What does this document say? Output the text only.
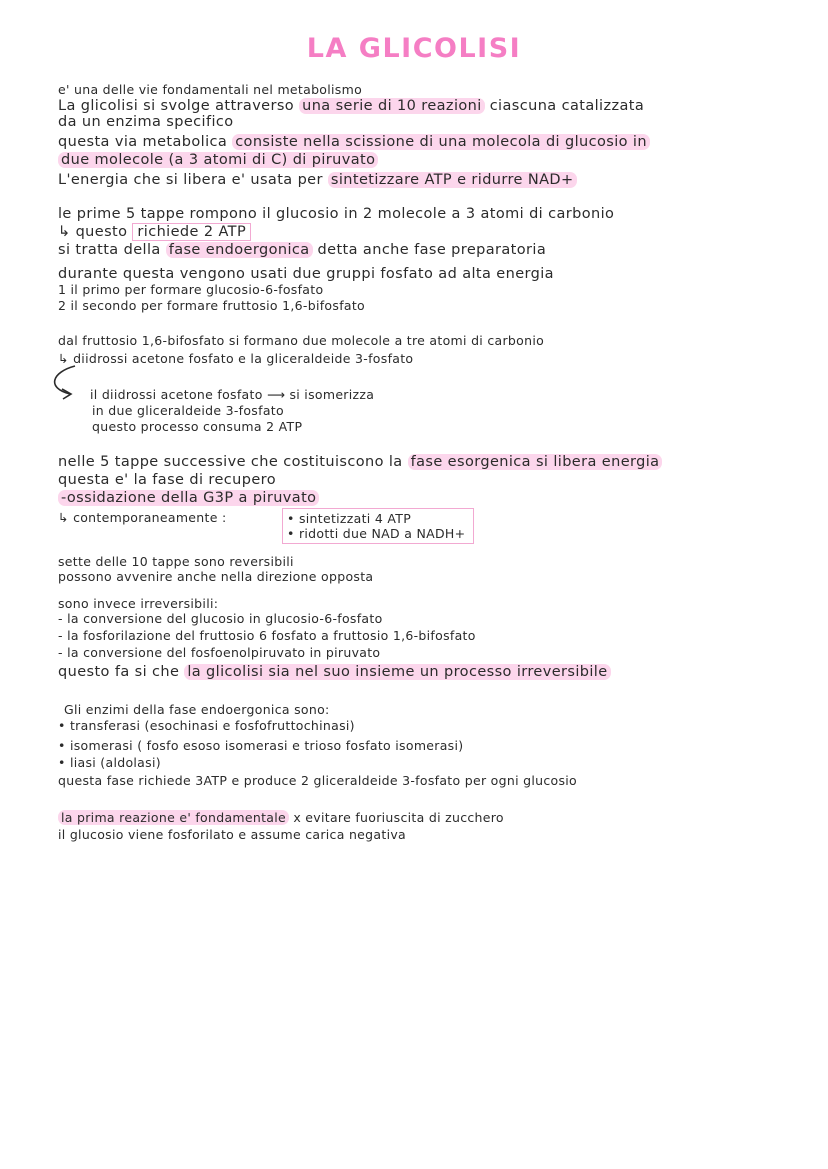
LA GLICOLISI
e' una delle vie fondamentali nel metabolismo
La glicolisi si svolge attraverso una serie di 10 reazioni ciascuna catalizzata
da un enzima specifico
questa via metabolica consiste nella scissione di una molecola di glucosio in
due molecole (a 3 atomi di C) di piruvato
L'energia che si libera e' usata per sintetizzare ATP e ridurre NAD+
le prime 5 tappe rompono il glucosio in 2 molecole a 3 atomi di carbonio
↳ questo richiede 2 ATP
si tratta della fase endoergonica detta anche fase preparatoria
durante questa vengono usati due gruppi fosfato ad alta energia
1 il primo per formare glucosio-6-fosfato
2 il secondo per formare fruttosio 1,6-bifosfato
dal fruttosio 1,6-bifosfato si formano due molecole a tre atomi di carbonio
↳ diidrossi acetone fosfato e la gliceraldeide 3-fosfato
il diidrossi acetone fosfato ⟶ si isomerizza
in due gliceraldeide 3-fosfato
questo processo consuma 2 ATP
nelle 5 tappe successive che costituiscono la fase esorgenica si libera energia
questa e' la fase di recupero
-ossidazione della G3P a piruvato
↳ contemporaneamente :	• sintetizzati 4 ATP
• ridotti due NAD a NADH+
sette delle 10 tappe sono reversibili
possono avvenire anche nella direzione opposta
sono invece irreversibili:
- la conversione del glucosio in glucosio-6-fosfato
- la fosforilazione del fruttosio 6 fosfato a fruttosio 1,6-bifosfato
- la conversione del fosfoenolpiruvato in piruvato
questo fa si che la glicolisi sia nel suo insieme un processo irreversibile
Gli enzimi della fase endoergonica sono:
• transferasi (esochinasi e fosfofruttochinasi)
• isomerasi ( fosfo esoso isomerasi e trioso fosfato isomerasi)
• liasi (aldolasi)
questa fase richiede 3ATP e produce 2 gliceraldeide 3-fosfato per ogni glucosio
la prima reazione e' fondamentale x evitare fuoriuscita di zucchero
il glucosio viene fosforilato e assume carica negativa
